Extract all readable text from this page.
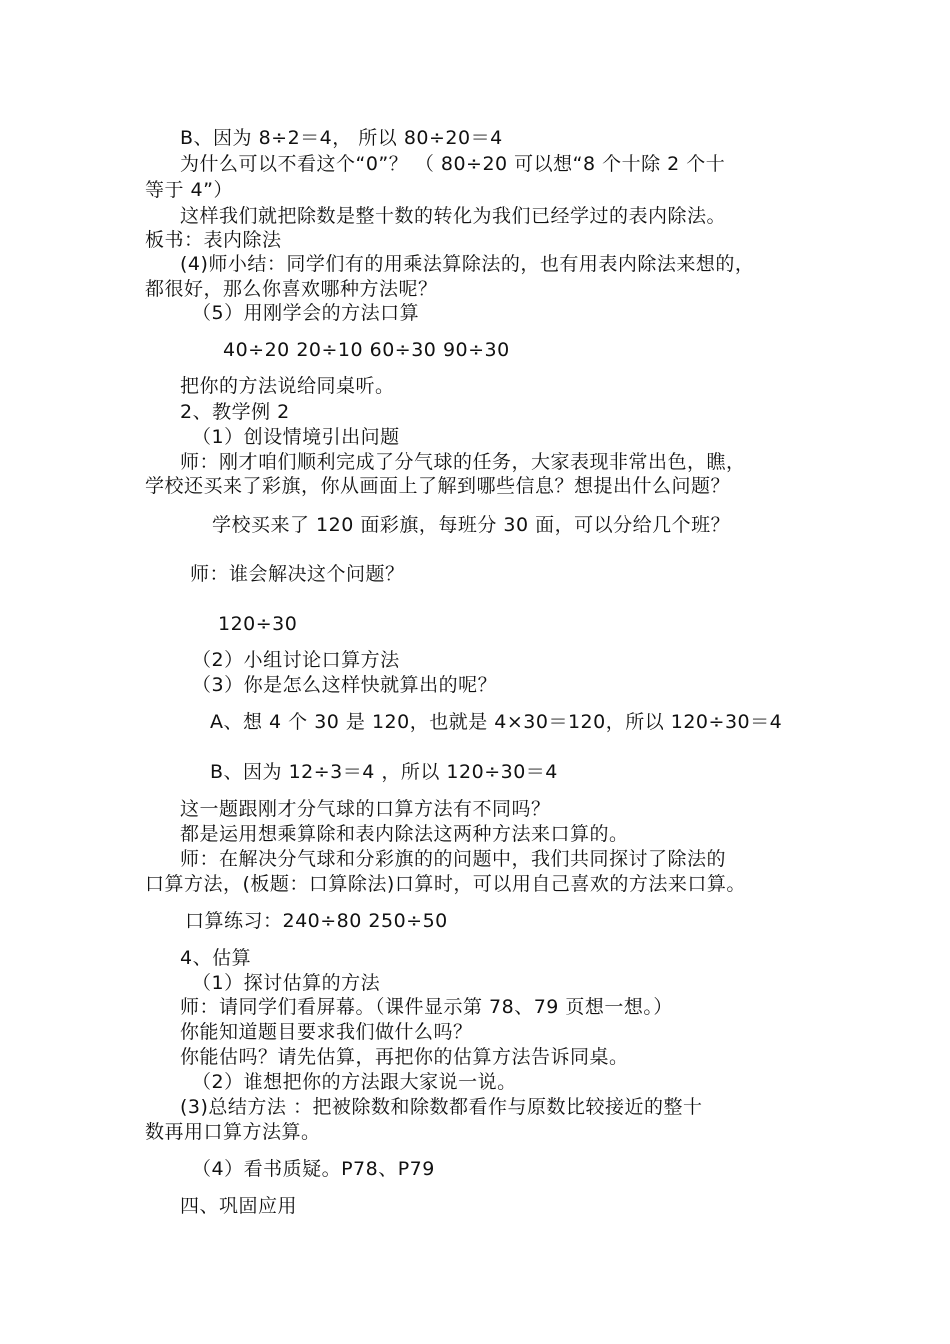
B、因为 8÷2＝4， 所以 80÷20＝4
为什么可以不看这个“0”？ （ 80÷20 可以想“8 个十除 2 个十
等于 4”）
这样我们就把除数是整十数的转化为我们已经学过的表内除法。
板书：表内除法
(4)师小结：同学们有的用乘法算除法的，也有用表内除法来想的，
都很好，那么你喜欢哪种方法呢？
（5）用刚学会的方法口算
40÷20 20÷10 60÷30 90÷30
把你的方法说给同桌听。
2、教学例 2
（1）创设情境引出问题
师：刚才咱们顺利完成了分气球的任务，大家表现非常出色，瞧，
学校还买来了彩旗，你从画面上了解到哪些信息？想提出什么问题？
学校买来了 120 面彩旗，每班分 30 面，可以分给几个班？
师：谁会解决这个问题？
120÷30
（2）小组讨论口算方法
（3）你是怎么这样快就算出的呢？
A、想 4 个 30 是 120，也就是 4×30＝120，所以 120÷30＝4
B、因为 12÷3＝4 ，所以 120÷30＝4
这一题跟刚才分气球的口算方法有不同吗？
都是运用想乘算除和表内除法这两种方法来口算的。
师：在解决分气球和分彩旗的的问题中，我们共同探讨了除法的
口算方法，(板题：口算除法)口算时，可以用自己喜欢的方法来口算。
口算练习：240÷80 250÷50
4、估算
（1）探讨估算的方法
师：请同学们看屏幕。（课件显示第 78、79 页想一想。）
你能知道题目要求我们做什么吗？
你能估吗？请先估算，再把你的估算方法告诉同桌。
（2）谁想把你的方法跟大家说一说。
(3)总结方法 ：把被除数和除数都看作与原数比较接近的整十
数再用口算方法算。
（4）看书质疑。P78、P79
四、巩固应用
